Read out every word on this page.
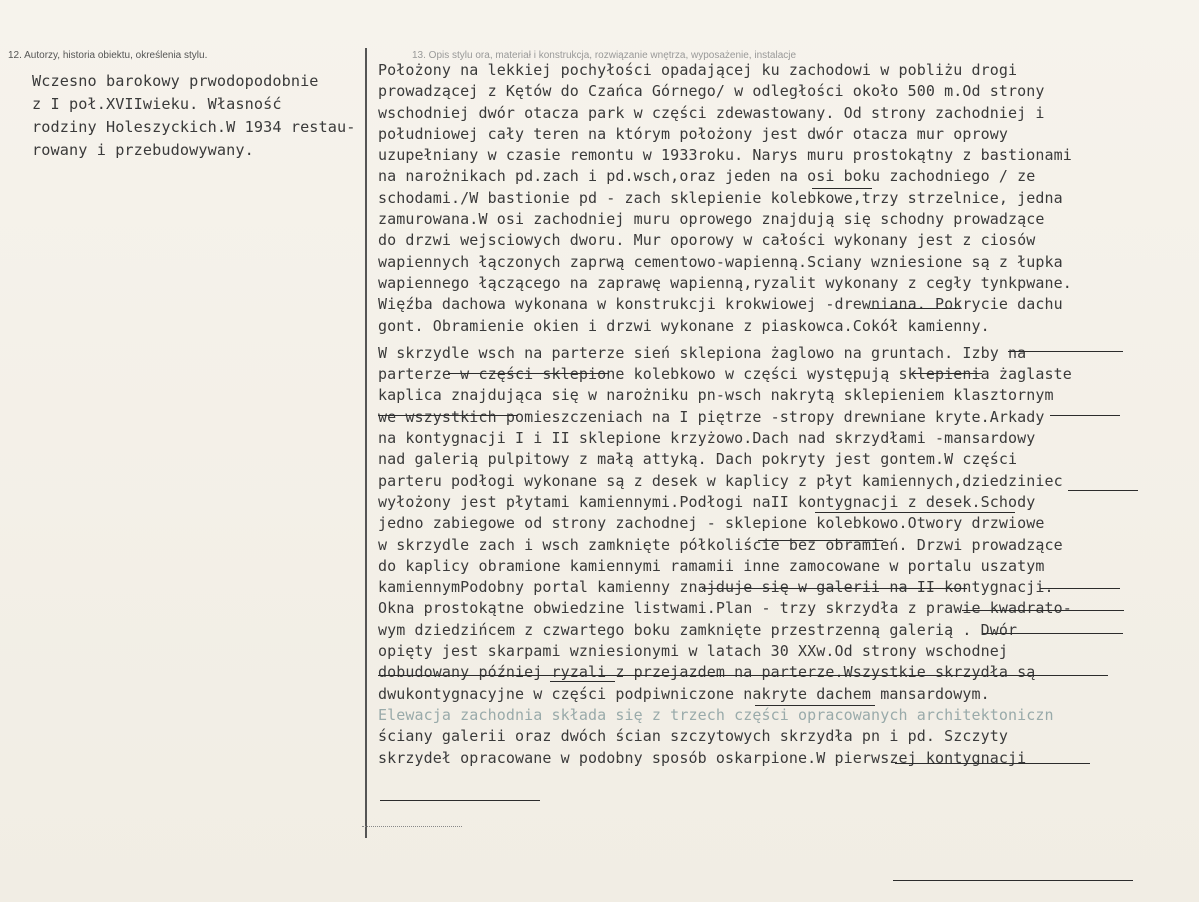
12. Autorzy, historia obiektu, określenia stylu.	13. Opis stylu ora, materiał i konstrukcja, rozwiązanie wnętrza, wyposażenie, instalacje
Wczesno barokowy prwodopodobnie
z I poł.XVIIwieku. Własność
rodziny Holeszyckich.W 1934 restau-
rowany i przebudowywany.
Położony na lekkiej pochyłości opadającej ku zachodowi w pobliżu drogi
prowadzącej z Kętów do Czańca Górnego/ w odległości około 500 m.Od strony
wschodniej dwór otacza park w części zdewastowany. Od strony zachodniej i
południowej cały teren na którym położony jest dwór otacza mur oprowy
uzupełniany w czasie remontu w 1933roku. Narys muru prostokątny z bastionami
na narożnikach pd.zach i pd.wsch,oraz jeden na osi boku zachodniego / ze
schodami./W bastionie pd - zach sklepienie kolebkowe,trzy strzelnice, jedna
zamurowana.W osi zachodniej muru oprowego znajdują się schodny prowadzące
do drzwi wejsciowych dworu. Mur oporowy w całości wykonany jest z ciosów
wapiennych łączonych zaprwą cementowo-wapienną.Sciany wzniesione są z łupka
wapiennego łączącego na zaprawę wapienną,ryzalit wykonany z cegły tynkpwane.
Więźba dachowa wykonana w konstrukcji krokwiowej -drewniana. Pokrycie dachu
gont. Obramienie okien i drzwi wykonane z piaskowca.Cokół kamienny.
W skrzydle wsch na parterze sień sklepiona żaglowo na gruntach. Izby na
parterze w części sklepione kolebkowo w części występują sklepienia żaglaste
kaplica znajdująca się w narożniku pn-wsch nakrytą sklepieniem klasztornym
we wszystkich pomieszczeniach na I piętrze -stropy drewniane kryte.Arkady
na kontygnacji I i II sklepione krzyżowo.Dach nad skrzydłami -mansardowy
nad galerią pulpitowy z małą attyką. Dach pokryty jest gontem.W części
parteru podłogi wykonane są z desek w kaplicy z płyt kamiennych,dziedziniec
wyłożony jest płytami kamiennymi.Podłogi naII kontygnacji z desek.Schody
jedno zabiegowe od strony zachodnej - sklepione kolebkowo.Otwory drzwiowe
w skrzydle zach i wsch zamknięte półkoliście bez obramień. Drzwi prowadzące
do kaplicy obramione kamiennymi ramamii inne zamocowane w portalu uszatym
kamiennymPodobny portal kamienny znajduje się w galerii na II kontygnacji.
Okna prostokątne obwiedzine listwami.Plan - trzy skrzydła z prawie kwadrato-
wym dziedzińcem z czwartego boku zamknięte przestrzenną galerią . Dwór
opięty jest skarpami wzniesionymi w latach 30 XXw.Od strony wschodnej
dobudowany później ryzali z przejazdem na parterze.Wszystkie skrzydła są
dwukontygnacyjne w części podpiwniczone nakryte dachem mansardowym.
Elewacja zachodnia składa się z trzech części opracowanych architektoniczn
ściany galerii oraz dwóch ścian szczytowych skrzydła pn i pd. Szczyty
skrzydeł opracowane w podobny sposób oskarpione.W pierwszej kontygnacji
